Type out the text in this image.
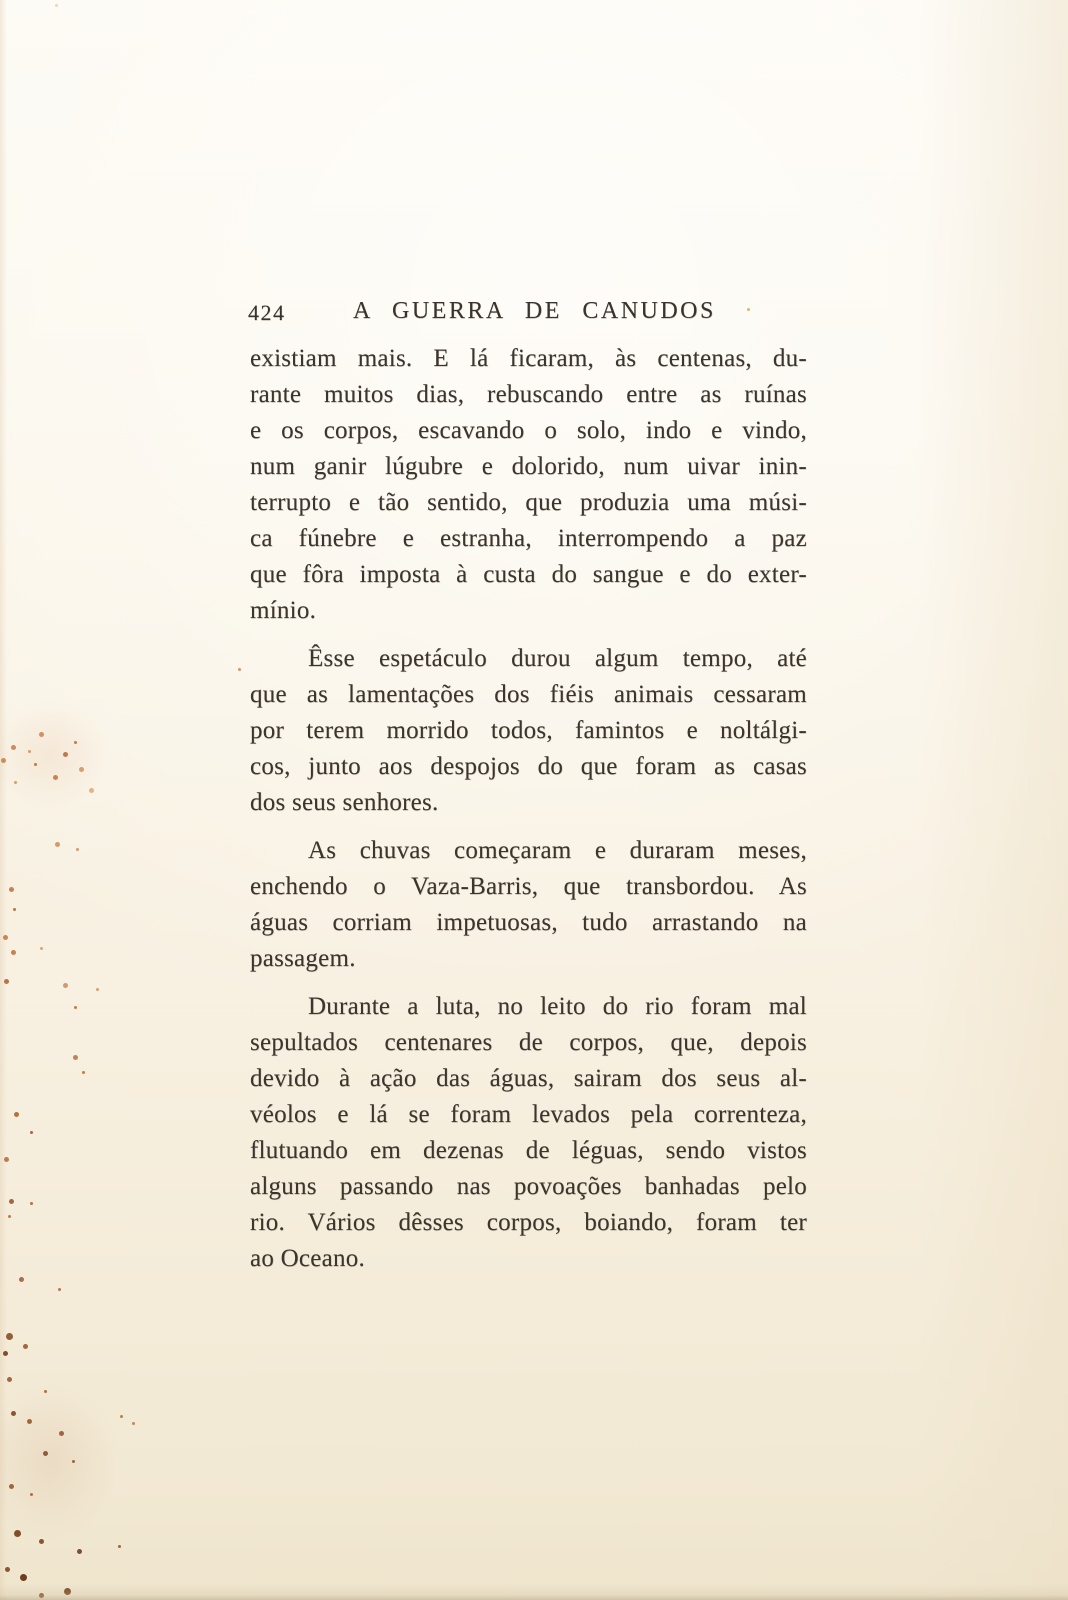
424	A GUERRA DE CANUDOS
existiam mais. E lá ficaram, às centenas, du-
rante muitos dias, rebuscando entre as ruínas
e os corpos, escavando o solo, indo e vindo,
num ganir lúgubre e dolorido, num uivar inin-
terrupto e tão sentido, que produzia uma músi-
ca fúnebre e estranha, interrompendo a paz
que fôra imposta à custa do sangue e do exter-
mínio.
Êsse espetáculo durou algum tempo, até
que as lamentações dos fiéis animais cessaram
por terem morrido todos, famintos e noltálgi-
cos, junto aos despojos do que foram as casas
dos seus senhores.
As chuvas começaram e duraram meses,
enchendo o Vaza-Barris, que transbordou. As
águas corriam impetuosas, tudo arrastando na
passagem.
Durante a luta, no leito do rio foram mal
sepultados centenares de corpos, que, depois
devido à ação das águas, sairam dos seus al-
véolos e lá se foram levados pela correnteza,
flutuando em dezenas de léguas, sendo vistos
alguns passando nas povoações banhadas pelo
rio. Vários dêsses corpos, boiando, foram ter
ao Oceano.
